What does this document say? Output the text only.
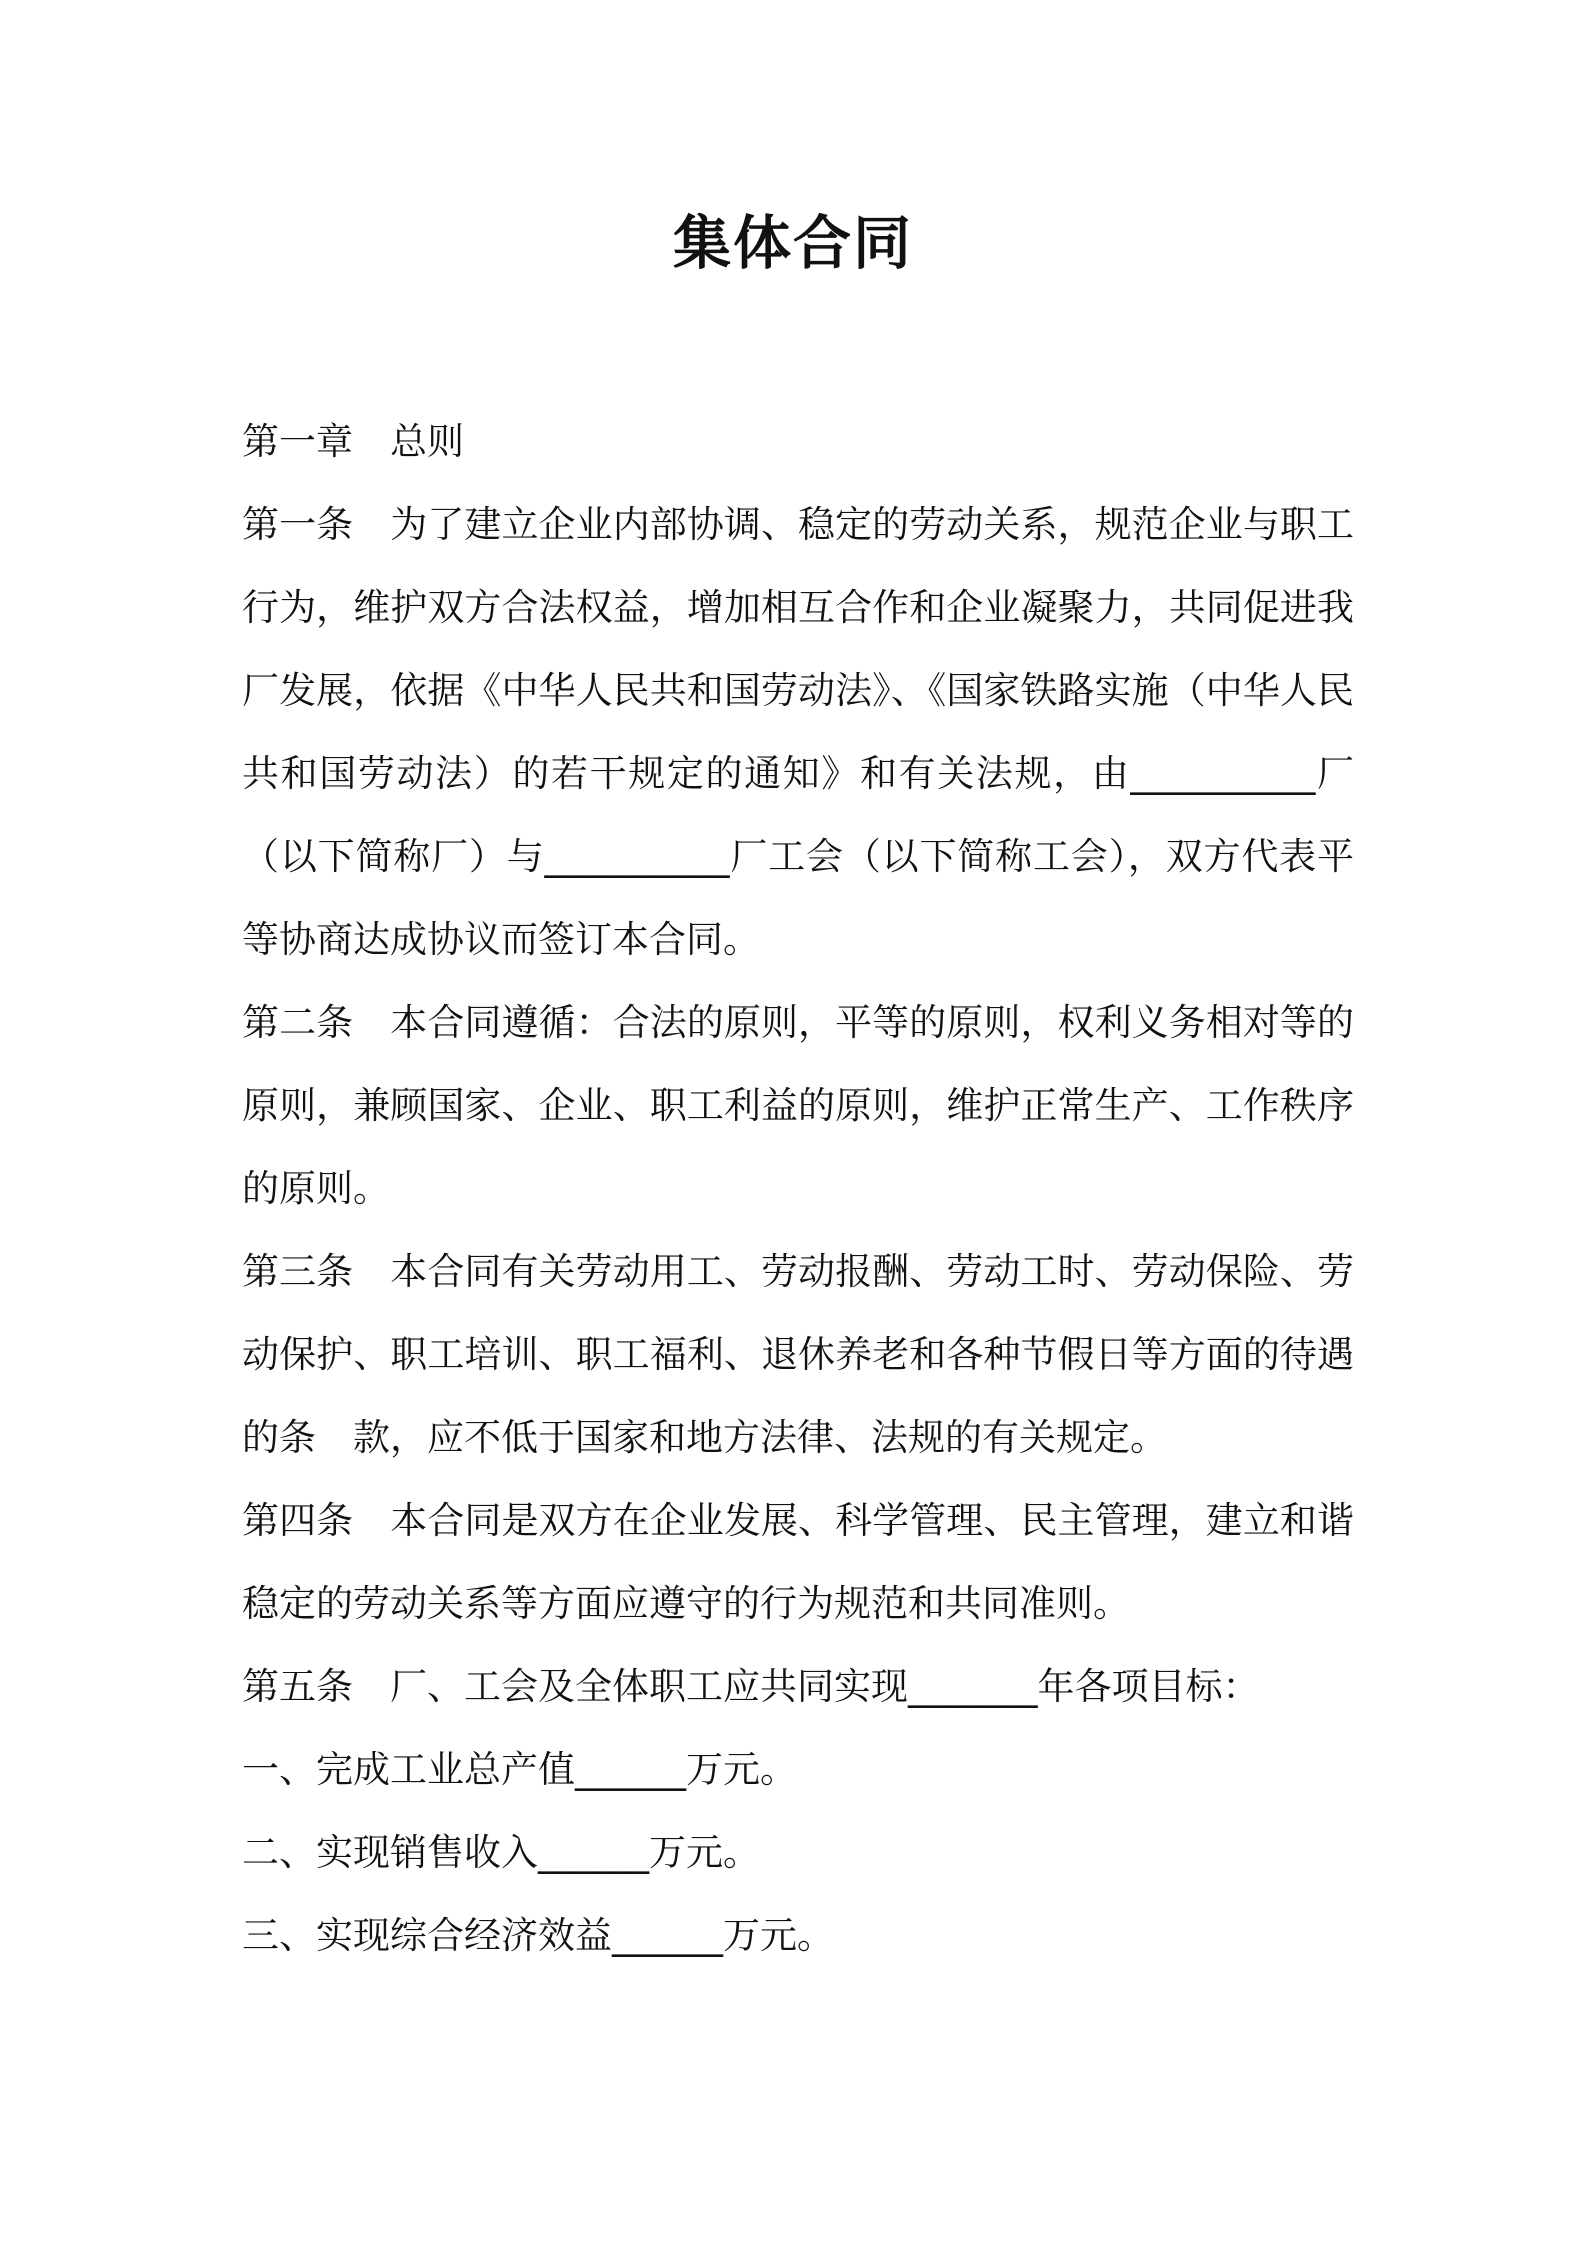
集体合同

第一章　总则

第一条　为了建立企业内部协调、稳定的劳动关系，规范企业与职工行为，维护双方合法权益，增加相互合作和企业凝聚力，共同促进我厂发展，依据《中华人民共和国劳动法》、《国家铁路实施（中华人民共和国劳动法）的若干规定的通知》和有关法规，由__________厂（以下简称厂）与__________厂工会（以下简称工会），双方代表平等协商达成协议而签订本合同。

第二条　本合同遵循：合法的原则，平等的原则，权利义务相对等的原则，兼顾国家、企业、职工利益的原则，维护正常生产、工作秩序的原则。

第三条　本合同有关劳动用工、劳动报酬、劳动工时、劳动保险、劳动保护、职工培训、职工福利、退休养老和各种节假日等方面的待遇的条　款，应不低于国家和地方法律、法规的有关规定。

第四条　本合同是双方在企业发展、科学管理、民主管理，建立和谐稳定的劳动关系等方面应遵守的行为规范和共同准则。

第五条　厂、工会及全体职工应共同实现_______年各项目标：

一、完成工业总产值______万元。

二、实现销售收入______万元。

三、实现综合经济效益______万元。
